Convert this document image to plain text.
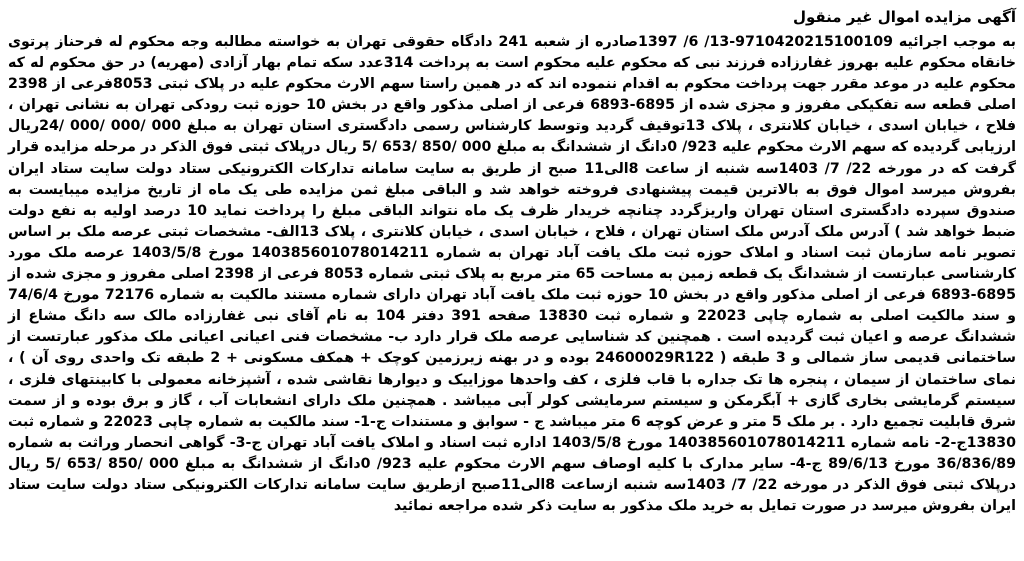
آگهی مزایده اموال غیر منقول

به موجب اجرائیه 9710420215100109-13/ 6/ 1397صادره از شعبه 241 دادگاه حقوقی تهران به خواسته مطالبه وجه محکوم له فرحناز پرتوی خانقاه محکوم علیه بهروز غفارزاده فرزند نبی که محکوم علیه محکوم است به پرداخت 314عدد سکه تمام بهار آزادی (مهریه) در حق محکوم له که محکوم علیه در موعد مقرر جهت پرداخت محکوم به اقدام ننموده اند که در همین راستا سهم الارث محکوم علیه در پلاک ثبتی 8053فرعی از 2398 اصلی قطعه سه تفکیکی مفروز و مجزی شده از 6895-6893 فرعی از اصلی مذکور واقع در بخش 10 حوزه ثبت رودکی تهران به نشانی تهران ، فلاح ، خیابان اسدی ، خیابان کلانتری ، پلاک 13توقیف گردید وتوسط کارشناس رسمی دادگستری استان تهران به مبلغ 000 /000 /000 /24ریال ارزیابی گردیده که سهم الارث محکوم علیه 923/ 0دانگ از ششدانگ به مبلغ 000 /850 /653 /5 ریال درپلاک ثبتی فوق الذکر در مرحله مزایده قرار گرفت که در مورخه 22/ 7/ 1403سه شنبه از ساعت 8الی11 صبح از طریق به سایت سامانه تدارکات الکترونیکی ستاد دولت سایت ستاد ایران بفروش میرسد اموال فوق به بالاترین قیمت پیشنهادی فروخته خواهد شد و الباقی مبلغ ثمن مزایده طی یک ماه از تاریخ مزایده میبایست به صندوق سپرده دادگستری استان تهران واریزگردد چنانچه خریدار ظرف یک ماه نتواند الباقی مبلغ را پرداخت نماید 10 درصد اولیه به نفع دولت ضبط خواهد شد ) آدرس ملک آدرس ملک استان تهران ، فلاح ، خیابان اسدی ، خیابان کلانتری ، پلاک 13الف- مشخصات ثبتی عرصه ملک بر اساس تصویر نامه سازمان ثبت اسناد و املاک حوزه ثبت ملک یافت آباد تهران به شماره 140385601078014211 مورخ 1403/5/8 عرصه ملک مورد کارشناسی عبارتست از ششدانگ یک قطعه زمین به مساحت 65 متر مربع به پلاک ثبتی شماره 8053 فرعی از 2398 اصلی مفروز و مجزی شده از 6895-6893 فرعی از اصلی مذکور واقع در بخش 10 حوزه ثبت ملک یافت آباد تهران دارای شماره مستند مالکیت به شماره 72176 مورخ 74/6/4 و سند مالکیت اصلی به شماره چاپی 22023 و شماره ثبت 13830 صفحه 391 دفتر 104 به نام آقای نبی غفارزاده مالک سه دانگ مشاع از ششدانگ عرصه و اعیان ثبت گردیده است . همچنین کد شناسایی عرصه ملک قرار دارد ب- مشخصات فنی اعیانی اعیانی ملک مذکور عبارتست از ساختمانی قدیمی ساز شمالی و 3 طبقه ( 24600029R122 بوده و در بهنه زیرزمین کوچک + همکف مسکونی + 2 طبقه تک واحدی روی آن ) ، نمای ساختمان از سیمان ، پنجره ها تک جداره با قاب فلزی ، کف واحدها موزاییک و دیوارها نقاشی شده ، آشپزخانه معمولی با کابینتهای فلزی ، سیستم گرمایشی بخاری گازی + آبگرمکن و سیستم سرمایشی کولر آبی میباشد . همچنین ملک دارای انشعابات آب ، گاز و برق بوده و از سمت شرق قابلیت تجمیع دارد . بر ملک 5 متر و عرض کوچه 6 متر میباشد ج - سوابق و مستندات ج-1- سند مالکیت به شماره چاپی 22023 و شماره ثبت 13830ج-2- نامه شماره 140385601078014211 مورخ 1403/5/8 اداره ثبت اسناد و املاک یافت آباد تهران ج-3- گواهی انحصار وراثت به شماره 36/836/89 مورخ 89/6/13 ج-4- سایر مدارک با کلیه اوصاف سهم الارث محکوم علیه 923/ 0دانگ از ششدانگ به مبلغ 000 /850 /653 /5 ریال درپلاک ثبتی فوق الذکر در مورخه 22/ 7/ 1403سه شنبه ازساعت 8الی11صبح ازطریق سایت سامانه تدارکات الکترونیکی ستاد دولت سایت ستاد ایران بفروش میرسد در صورت تمایل به خرید ملک مذکور به سایت ذکر شده مراجعه نمائید
